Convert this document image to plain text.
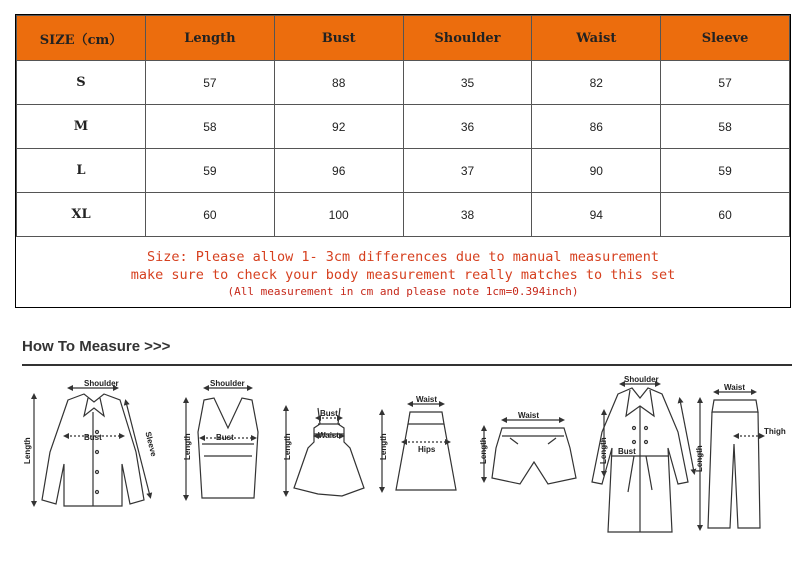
SIZE（cm）	Length	Bust	Shoulder	Waist	Sleeve
S	57	88	35	82	57
M	58	92	36	86	58
L	59	96	37	90	59
XL	60	100	38	94	60
Size: Please allow 1- 3cm differences due to manual measurement
make sure to check your body measurement really matches to this set
(All measurement in cm and please note 1cm=0.394inch)
How To Measure >>>
Shoulder
Bust
Length	Sleeve
Shoulder
Bust
Length
Bust
Waist
Length
Waist
Hips
Length
Waist
Length
Shoulder
Bust
Length
Waist
Thigh
Length
